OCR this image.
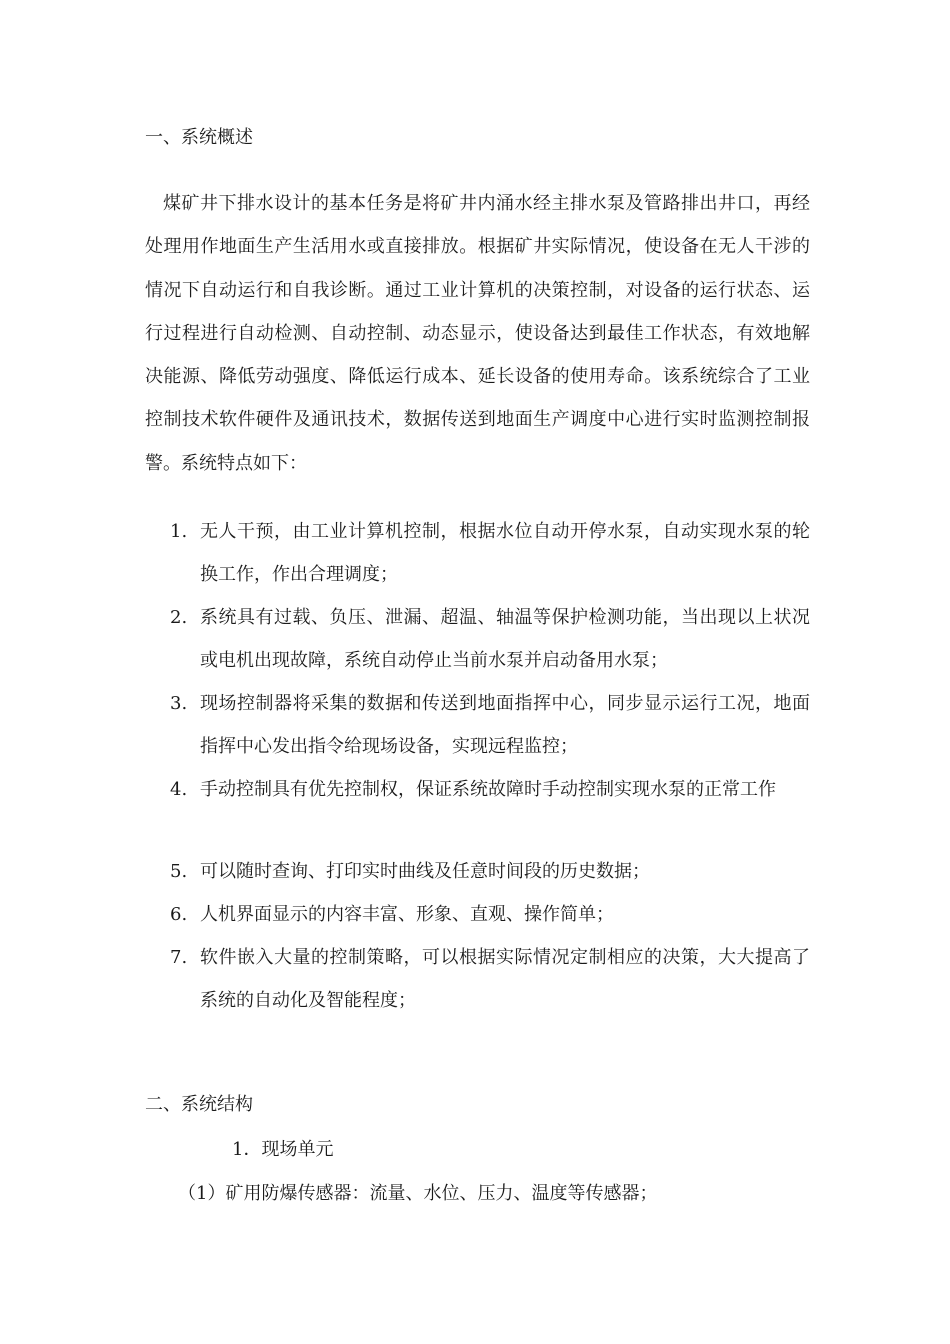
一、系统概述

煤矿井下排水设计的基本任务是将矿井内涌水经主排水泵及管路排出井口，再经处理用作地面生产生活用水或直接排放。根据矿井实际情况，使设备在无人干涉的情况下自动运行和自我诊断。通过工业计算机的决策控制，对设备的运行状态、运行过程进行自动检测、自动控制、动态显示，使设备达到最佳工作状态，有效地解决能源、降低劳动强度、降低运行成本、延长设备的使用寿命。该系统综合了工业控制技术软件硬件及通讯技术，数据传送到地面生产调度中心进行实时监测控制报警。系统特点如下：

1. 无人干预，由工业计算机控制，根据水位自动开停水泵，自动实现水泵的轮换工作，作出合理调度；
2. 系统具有过载、负压、泄漏、超温、轴温等保护检测功能，当出现以上状况或电机出现故障，系统自动停止当前水泵并启动备用水泵；
3. 现场控制器将采集的数据和传送到地面指挥中心，同步显示运行工况，地面指挥中心发出指令给现场设备，实现远程监控；
4. 手动控制具有优先控制权，保证系统故障时手动控制实现水泵的正常工作
5. 可以随时查询、打印实时曲线及任意时间段的历史数据；
6. 人机界面显示的内容丰富、形象、直观、操作简单；
7. 软件嵌入大量的控制策略，可以根据实际情况定制相应的决策，大大提高了系统的自动化及智能程度；
二、系统结构
1．现场单元
（1）矿用防爆传感器：流量、水位、压力、温度等传感器；
